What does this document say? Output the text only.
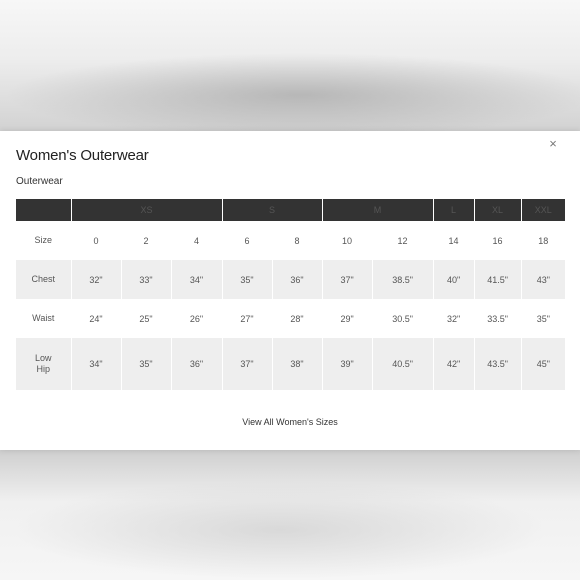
×
Women's Outerwear
Outerwear
	XS			S		M		L	XL	XXL
Size	0	2	4	6	8	10	12	14	16	18
Chest	32"	33"	34"	35"	36"	37"	38.5"	40"	41.5"	43"
Waist	24"	25"	26"	27"	28"	29"	30.5"	32"	33.5"	35"
Low
Hip	34"	35"	36"	37"	38"	39"	40.5"	42"	43.5"	45"
View All Women's Sizes
